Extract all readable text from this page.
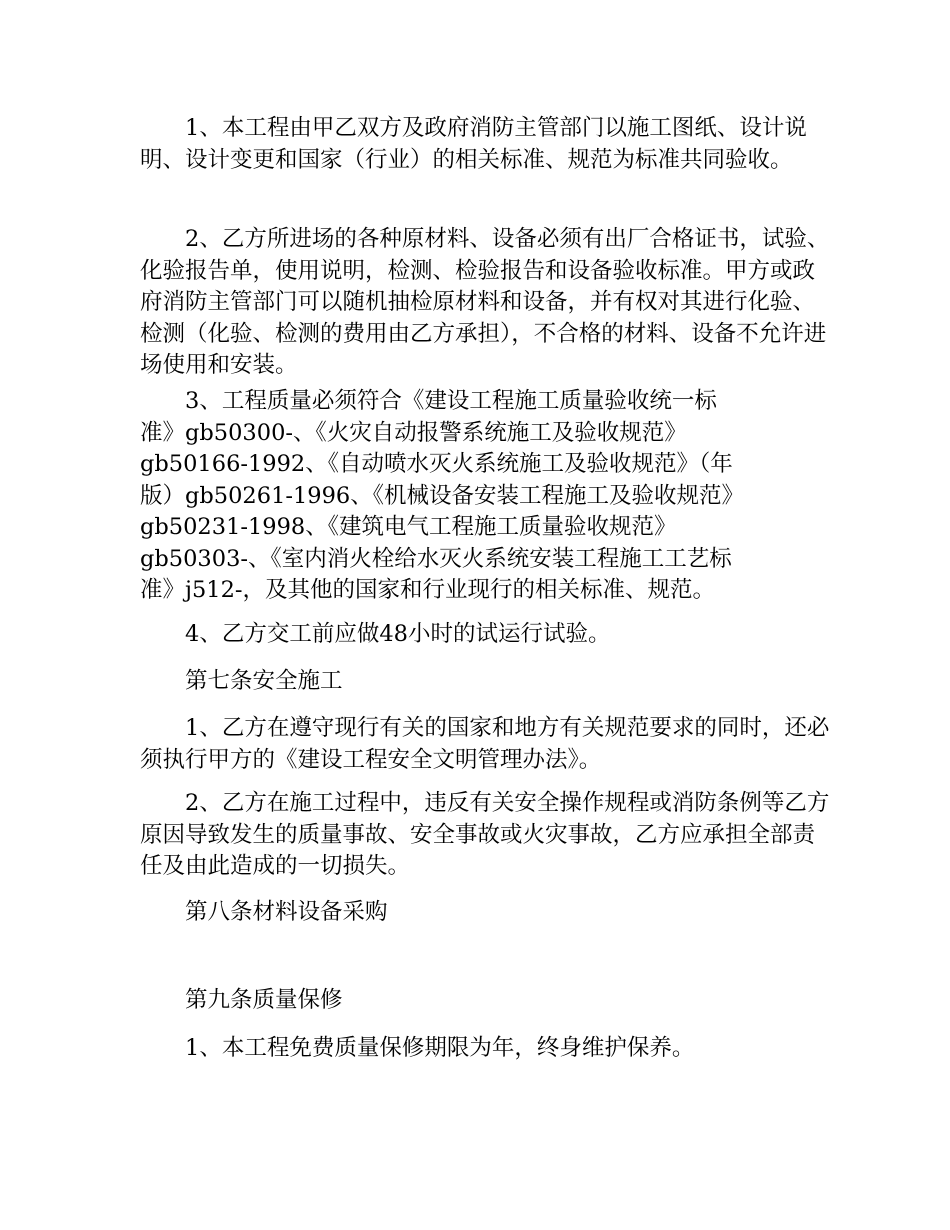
1、本工程由甲乙双方及政府消防主管部门以施工图纸、设计说明、设计变更和国家（行业）的相关标准、规范为标准共同验收。

2、乙方所进场的各种原材料、设备必须有出厂合格证书，试验、化验报告单，使用说明，检测、检验报告和设备验收标准。甲方或政府消防主管部门可以随机抽检原材料和设备，并有权对其进行化验、检测（化验、检测的费用由乙方承担），不合格的材料、设备不允许进场使用和安装。

3、工程质量必须符合《建设工程施工质量验收统一标
准》gb50300-、《火灾自动报警系统施工及验收规范》
gb50166-1992、《自动喷水灭火系统施工及验收规范》（年
版）gb50261-1996、《机械设备安装工程施工及验收规范》
gb50231-1998、《建筑电气工程施工质量验收规范》
gb50303-、《室内消火栓给水灭火系统安装工程施工工艺标
准》j512-，及其他的国家和行业现行的相关标准、规范。

4、乙方交工前应做48小时的试运行试验。

第七条安全施工

1、乙方在遵守现行有关的国家和地方有关规范要求的同时，还必须执行甲方的《建设工程安全文明管理办法》。

2、乙方在施工过程中，违反有关安全操作规程或消防条例等乙方原因导致发生的质量事故、安全事故或火灾事故，乙方应承担全部责任及由此造成的一切损失。

第八条材料设备采购

第九条质量保修

1、本工程免费质量保修期限为年，终身维护保养。
